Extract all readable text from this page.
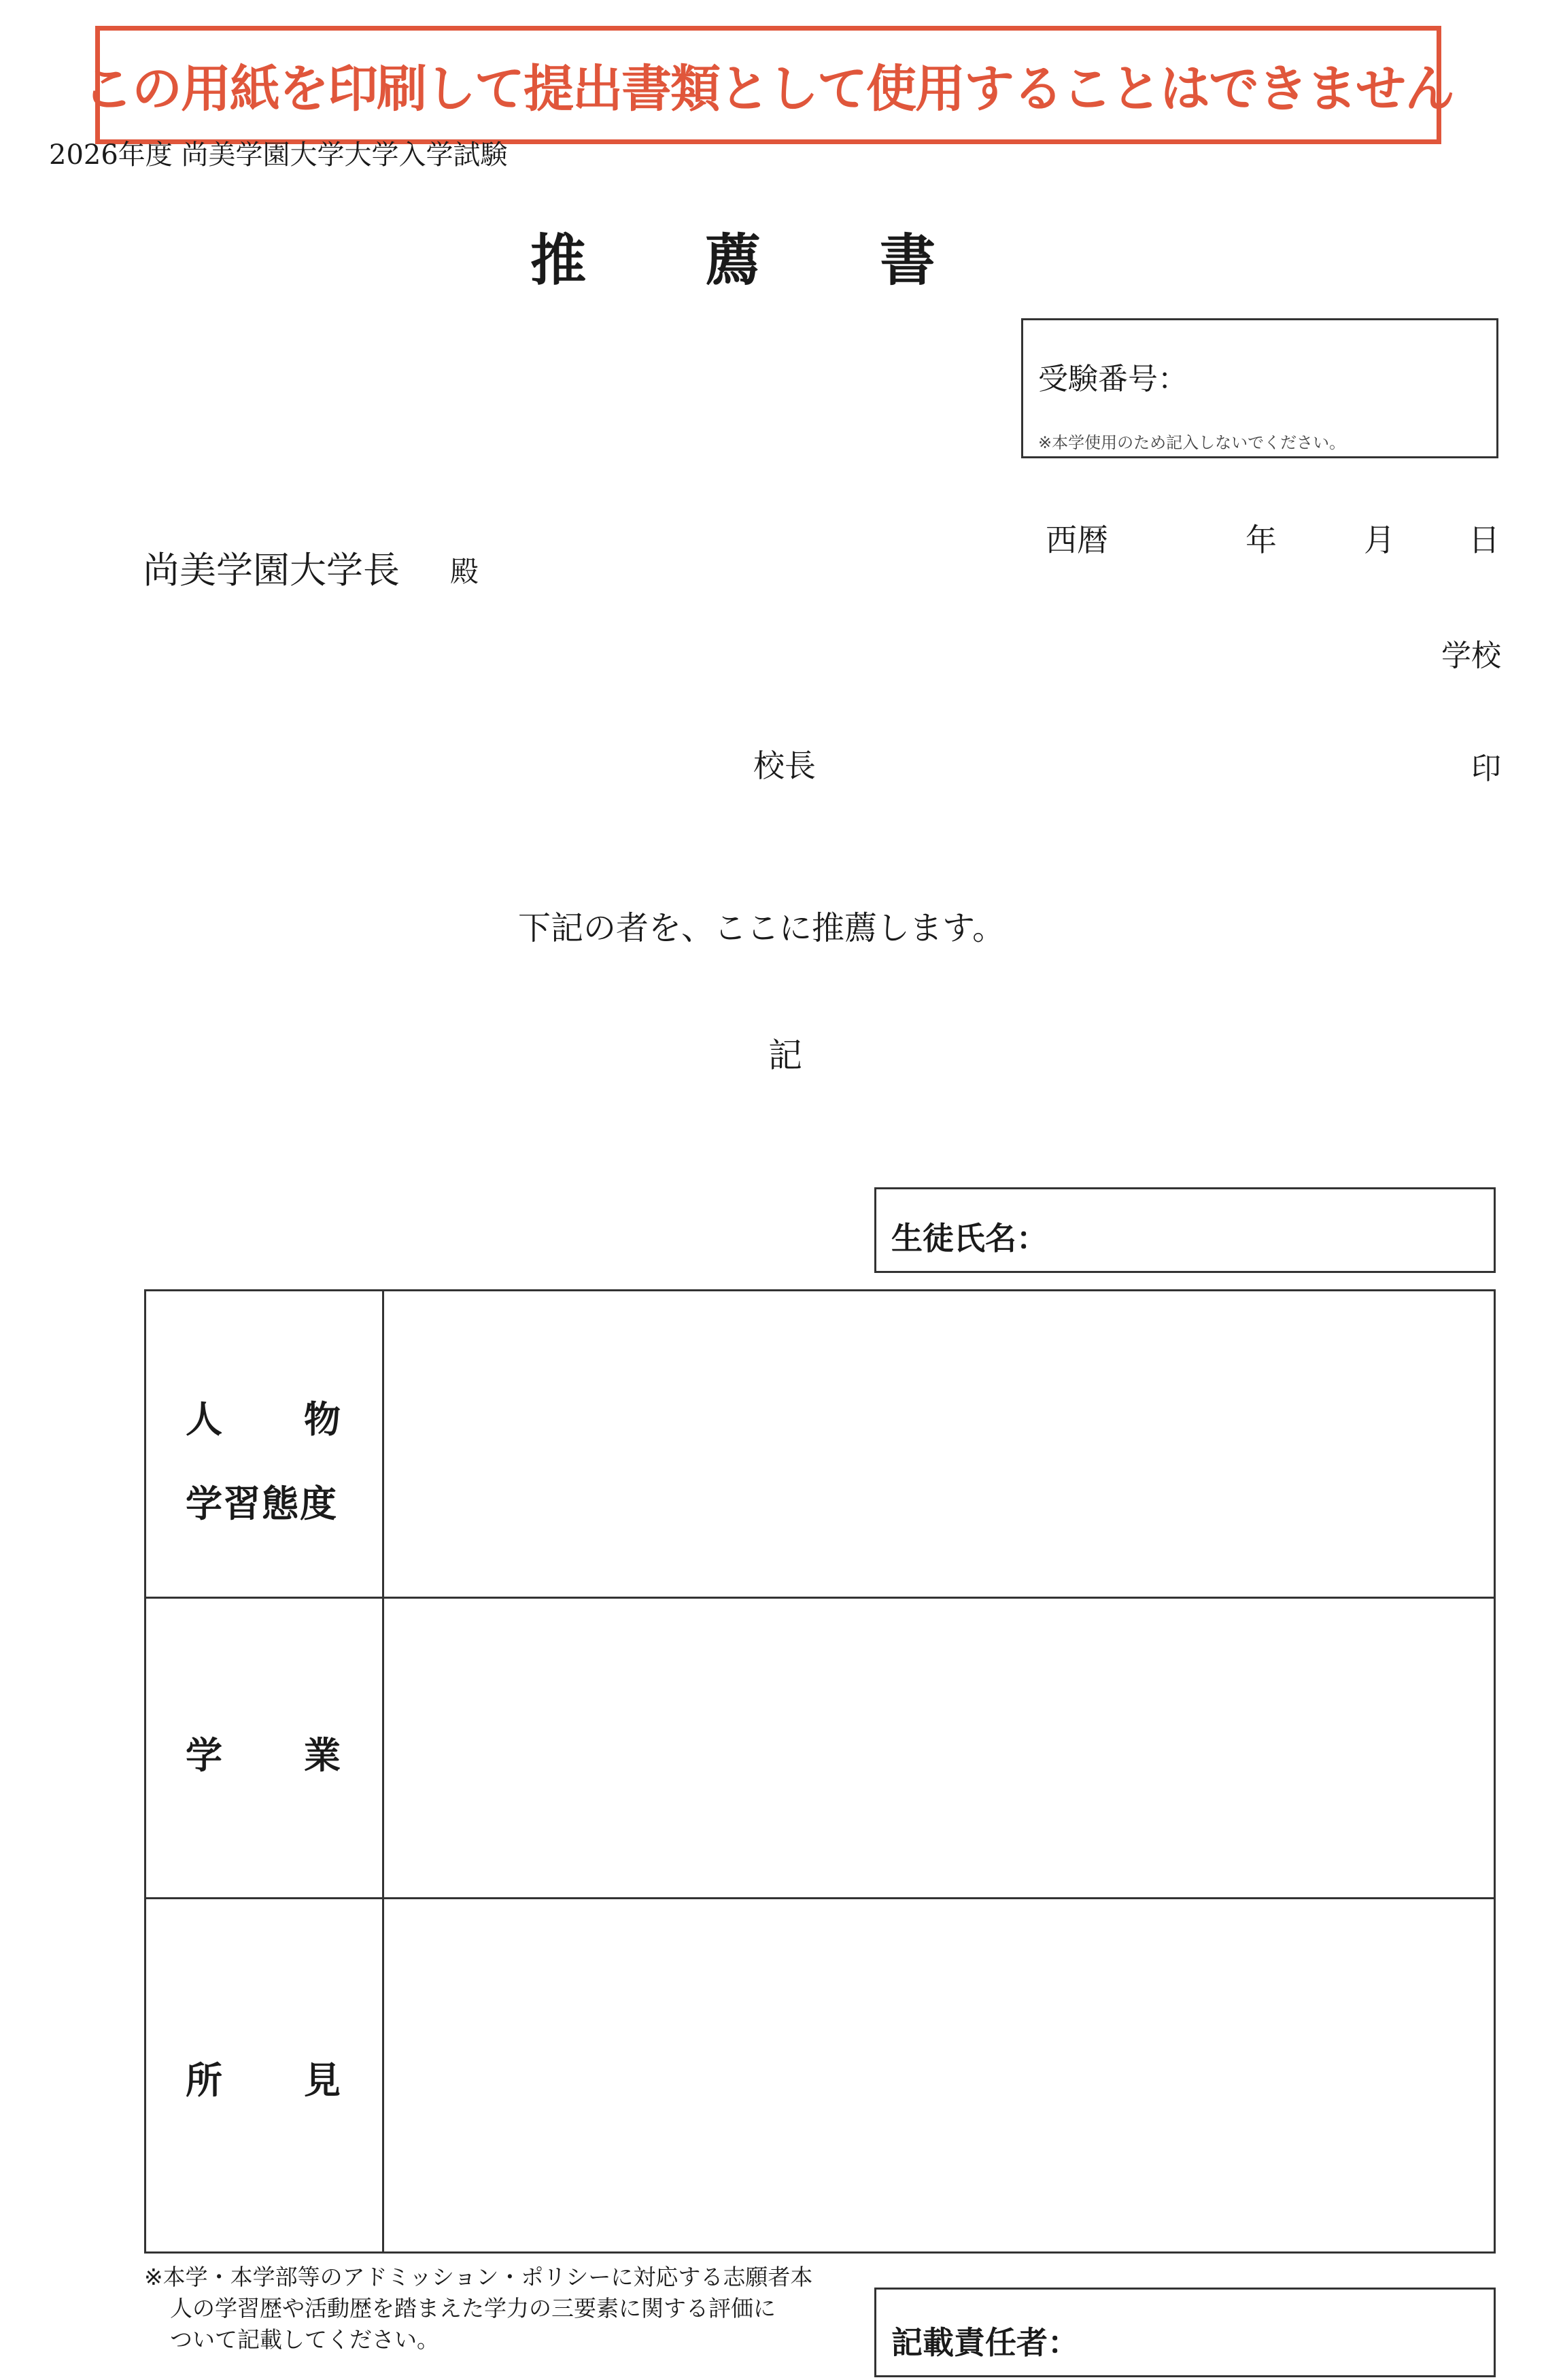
この用紙を印刷して提出書類として使用することはできません
2026年度 尚美学園大学大学入学試験
推薦書
受験番号：
※本学使用のため記入しないでください。
西暦	年	月 日
尚美学園大学長 殿
学校
校長	印
下記の者を、ここに推薦します。
記
生徒氏名：
人物
学習態度
学業
所見
※本学・本学部等のアドミッション・ポリシーに対応する志願者本
人の学習歴や活動歴を踏まえた学力の三要素に関する評価に
ついて記載してください。	記載責任者：
